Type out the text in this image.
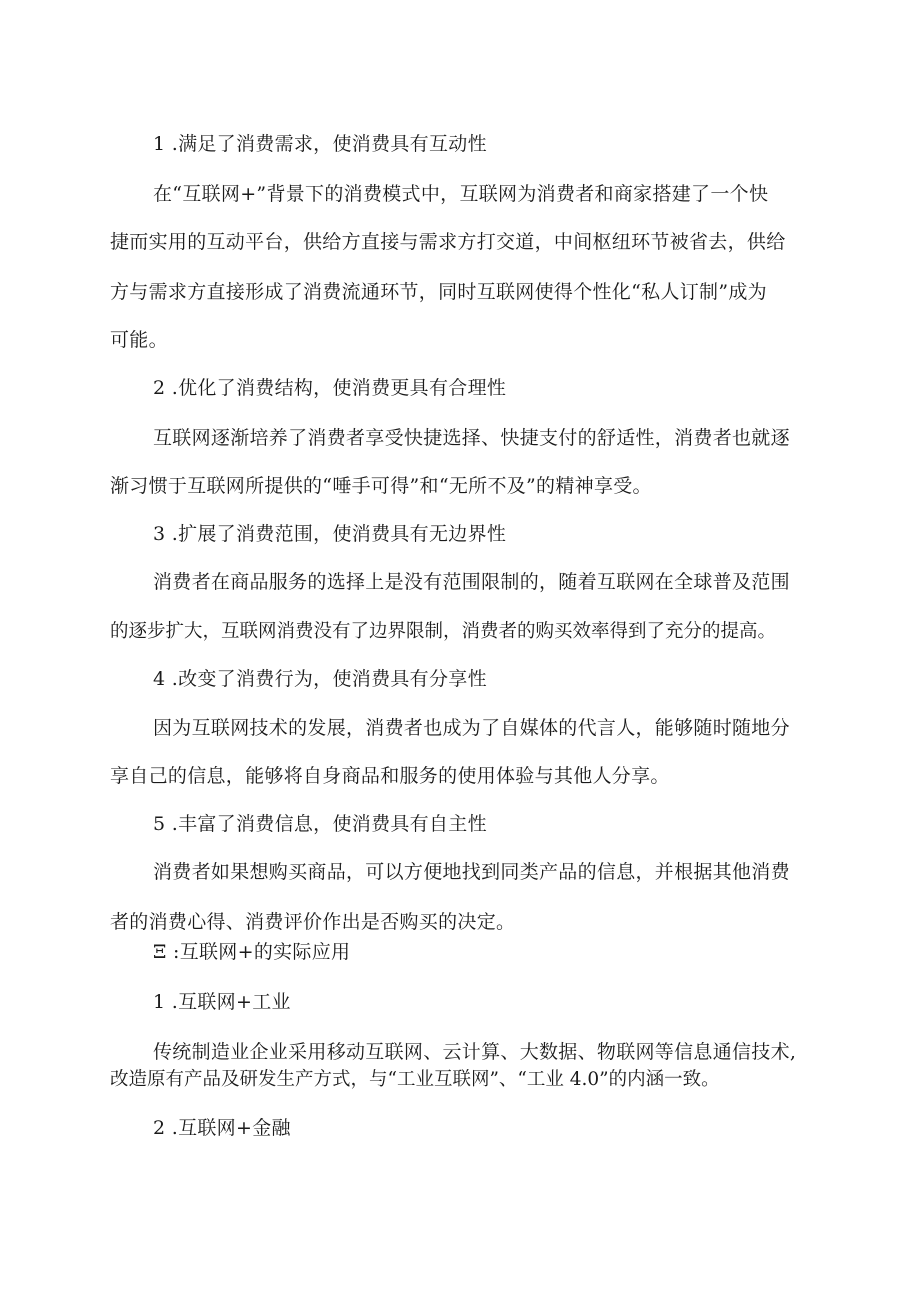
1 .满足了消费需求，使消费具有互动性
在“互联网+”背景下的消费模式中，互联网为消费者和商家搭建了一个快
捷而实用的互动平台，供给方直接与需求方打交道，中间枢纽环节被省去，供给
方与需求方直接形成了消费流通环节，同时互联网使得个性化“私人订制”成为
可能。
2 .优化了消费结构，使消费更具有合理性
互联网逐渐培养了消费者享受快捷选择、快捷支付的舒适性，消费者也就逐
渐习惯于互联网所提供的“唾手可得”和“无所不及”的精神享受。
3 .扩展了消费范围，使消费具有无边界性
消费者在商品服务的选择上是没有范围限制的，随着互联网在全球普及范围
的逐步扩大，互联网消费没有了边界限制，消费者的购买效率得到了充分的提高。
4 .改变了消费行为，使消费具有分享性
因为互联网技术的发展，消费者也成为了自媒体的代言人，能够随时随地分
享自己的信息，能够将自身商品和服务的使用体验与其他人分享。
5 .丰富了消费信息，使消费具有自主性
消费者如果想购买商品，可以方便地找到同类产品的信息，并根据其他消费
者的消费心得、消费评价作出是否购买的决定。
Ξ :互联网+的实际应用
1 .互联网+工业
传统制造业企业采用移动互联网、云计算、大数据、物联网等信息通信技术,
改造原有产品及研发生产方式，与“工业互联网”、“工业 4.0”的内涵一致。
2 .互联网+金融
